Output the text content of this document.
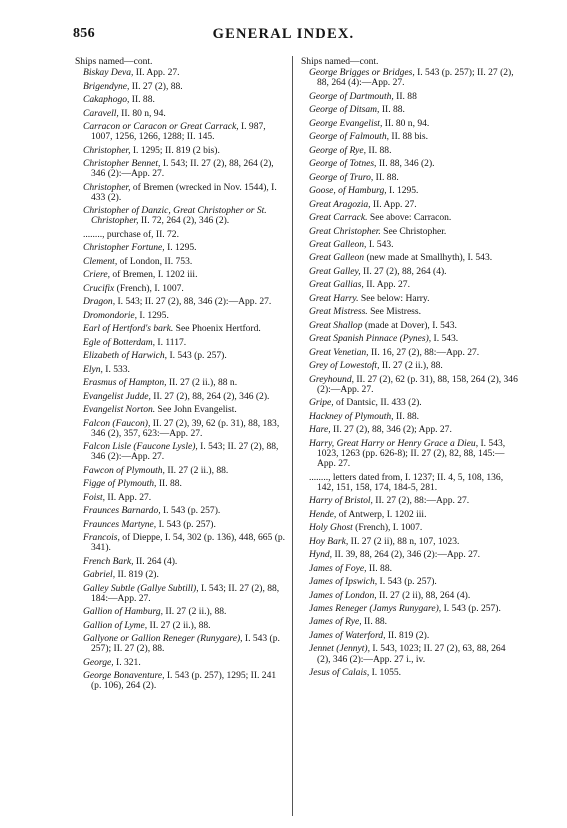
856	GENERAL INDEX.
Ships named—cont.
Biskay Deva, II. App. 27.
Brigendyne, II. 27 (2), 88.
Cakaphogo, II. 88.
Caravell, II. 80 n, 94.
Carracon or Caracon or Great Carrack, I. 987, 1007, 1256, 1266, 1288; II. 145.
Christopher, I. 1295; II. 819 (2 bis).
Christopher Bennet, I. 543; II. 27 (2), 88, 264 (2), 346 (2):—App. 27.
Christopher, of Bremen (wrecked in Nov. 1544), I. 433 (2).
Christopher of Danzic, Great Christopher or St. Christopher, II. 72, 264 (2), 346 (2).
........, purchase of, II. 72.
Christopher Fortune, I. 1295.
Clement, of London, II. 753.
Criere, of Bremen, I. 1202 iii.
Crucifix (French), I. 1007.
Dragon, I. 543; II. 27 (2), 88, 346 (2):—App. 27.
Dromondorie, I. 1295.
Earl of Hertford's bark. See Phoenix Hertford.
Egle of Botterdam, I. 1117.
Elizabeth of Harwich, I. 543 (p. 257).
Elyn, I. 533.
Erasmus of Hampton, II. 27 (2 ii.), 88 n.
Evangelist Judde, II. 27 (2), 88, 264 (2), 346 (2).
Evangelist Norton. See John Evangelist.
Falcon (Faucon), II. 27 (2), 39, 62 (p. 31), 88, 183, 346 (2), 357, 623:—App. 27.
Falcon Lisle (Faucone Lysle), I. 543; II. 27 (2), 88, 346 (2):—App. 27.
Fawcon of Plymouth, II. 27 (2 ii.), 88.
Figge of Plymouth, II. 88.
Foist, II. App. 27.
Fraunces Barnardo, I. 543 (p. 257).
Fraunces Martyne, I. 543 (p. 257).
Francois, of Dieppe, I. 54, 302 (p. 136), 448, 665 (p. 341).
French Bark, II. 264 (4).
Gabriel, II. 819 (2).
Galley Subtle (Gallye Subtill), I. 543; II. 27 (2), 88, 184:—App. 27.
Gallion of Hamburg, II. 27 (2 ii.), 88.
Gallion of Lyme, II. 27 (2 ii.), 88.
Gallyone or Gallion Reneger (Runygare), I. 543 (p. 257); II. 27 (2), 88.
George, I. 321.
George Bonaventure, I. 543 (p. 257), 1295; II. 241 (p. 106), 264 (2).
Ships named—cont.
George Brigges or Bridges, I. 543 (p. 257); II. 27 (2), 88, 264 (4):—App. 27.
George of Dartmouth, II. 88
George of Ditsam, II. 88.
George Evangelist, II. 80 n, 94.
George of Falmouth, II. 88 bis.
George of Rye, II. 88.
George of Totnes, II. 88, 346 (2).
George of Truro, II. 88.
Goose, of Hamburg, I. 1295.
Great Aragozia, II. App. 27.
Great Carrack. See above: Carracon.
Great Christopher. See Christopher.
Great Galleon, I. 543.
Great Galleon (new made at Smallhyth), I. 543.
Great Galley, II. 27 (2), 88, 264 (4).
Great Gallias, II. App. 27.
Great Harry. See below: Harry.
Great Mistress. See Mistress.
Great Shallop (made at Dover), I. 543.
Great Spanish Pinnace (Pynes), I. 543.
Great Venetian, II. 16, 27 (2), 88:—App. 27.
Grey of Lowestoft, II. 27 (2 ii.), 88.
Greyhound, II. 27 (2), 62 (p. 31), 88, 158, 264 (2), 346 (2):—App. 27.
Gripe, of Dantsic, II. 433 (2).
Hackney of Plymouth, II. 88.
Hare, II. 27 (2), 88, 346 (2); App. 27.
Harry, Great Harry or Henry Grace a Dieu, I. 543, 1023, 1263 (pp. 626-8); II. 27 (2), 82, 88, 145:—App. 27.
........, letters dated from, I. 1237; II. 4, 5, 108, 136, 142, 151, 158, 174, 184-5, 281.
Harry of Bristol, II. 27 (2), 88:—App. 27.
Hende, of Antwerp, I. 1202 iii.
Holy Ghost (French), I. 1007.
Hoy Bark, II. 27 (2 ii), 88 n, 107, 1023.
Hynd, II. 39, 88, 264 (2), 346 (2):—App. 27.
James of Foye, II. 88.
James of Ipswich, I. 543 (p. 257).
James of London, II. 27 (2 ii), 88, 264 (4).
James Reneger (Jamys Runygare), I. 543 (p. 257).
James of Rye, II. 88.
James of Waterford, II. 819 (2).
Jennet (Jennyt), I. 543, 1023; II. 27 (2), 63, 88, 264 (2), 346 (2):—App. 27 i., iv.
Jesus of Calais, I. 1055.
